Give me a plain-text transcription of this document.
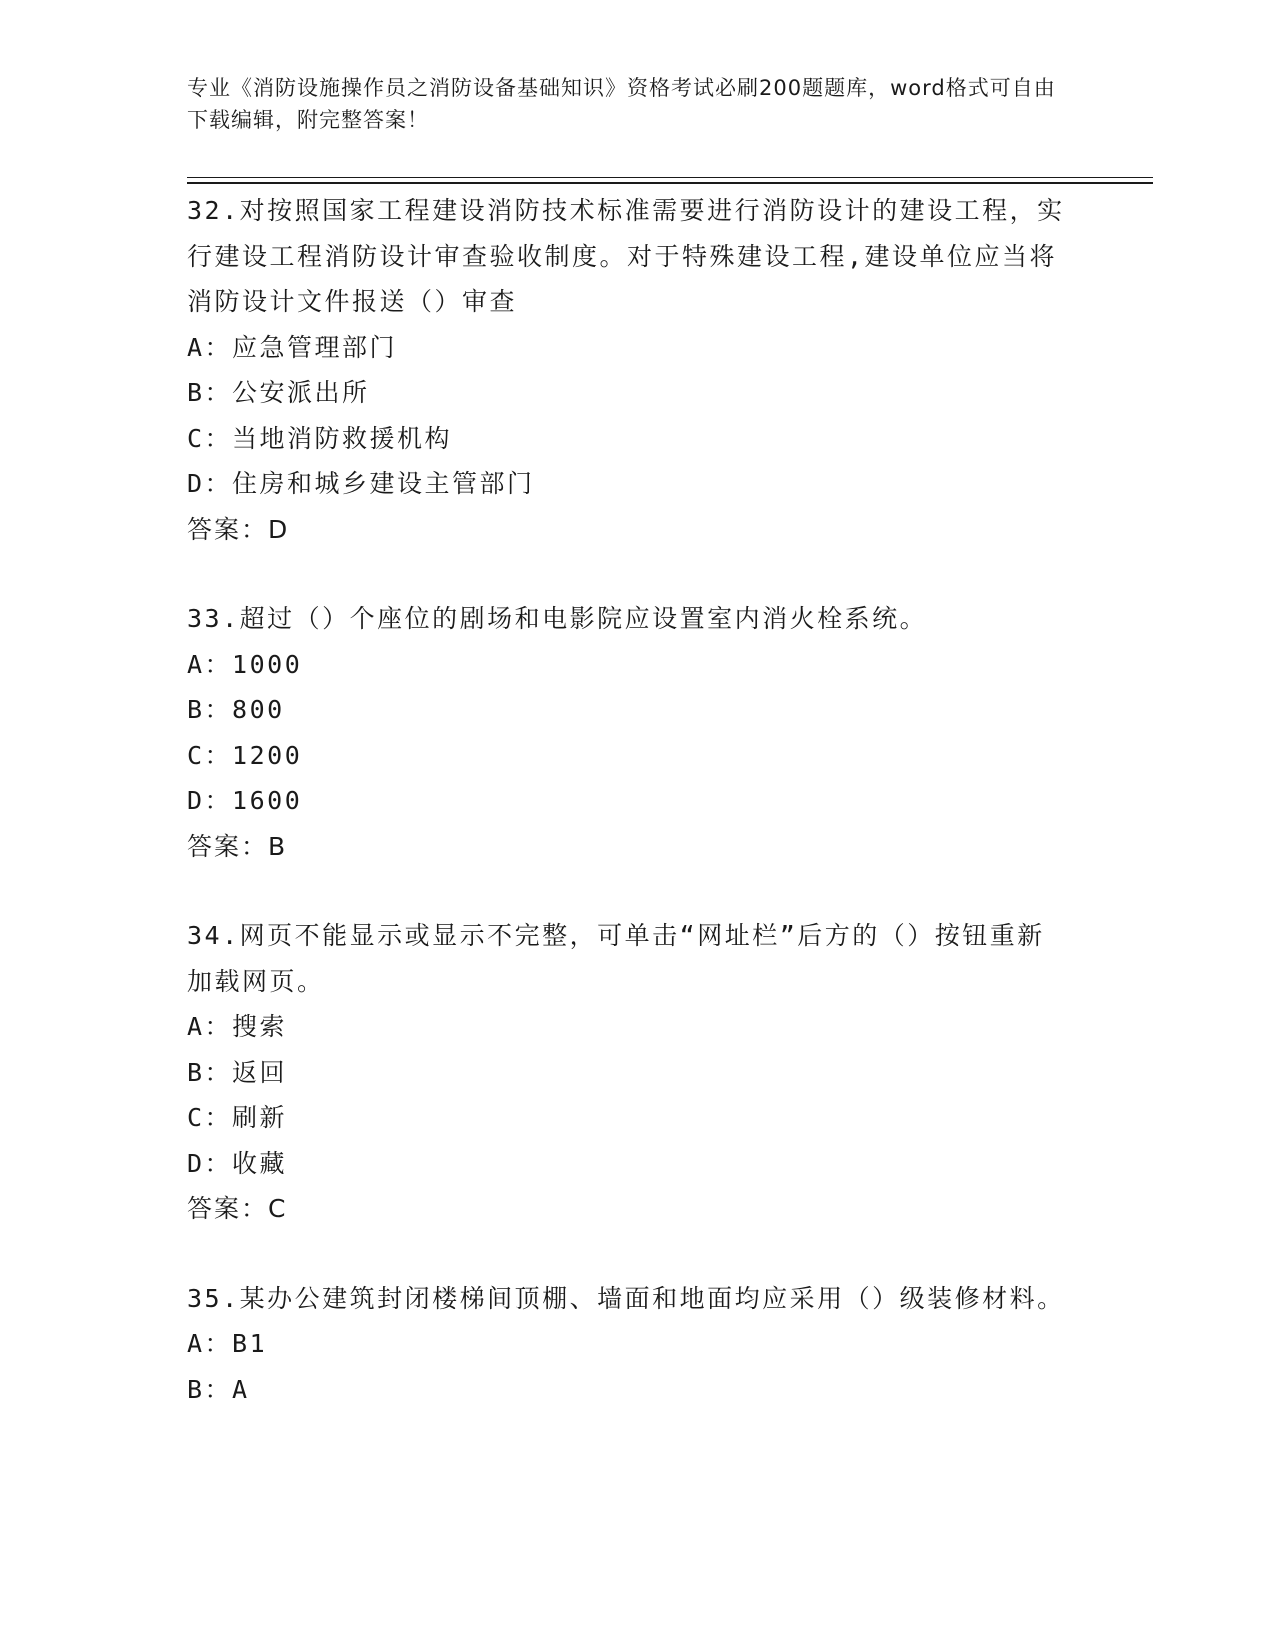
专业《消防设施操作员之消防设备基础知识》资格考试必刷200题题库，word格式可自由下载编辑，附完整答案！

32.对按照国家工程建设消防技术标准需要进行消防设计的建设工程，实行建设工程消防设计审查验收制度。对于特殊建设工程,建设单位应当将消防设计文件报送（）审查

A：应急管理部门
B：公安派出所
C：当地消防救援机构
D：住房和城乡建设主管部门
答案：D

33.超过（）个座位的剧场和电影院应设置室内消火栓系统。

A：1000
B：800
C：1200
D：1600
答案：B

34.网页不能显示或显示不完整，可单击“网址栏”后方的（）按钮重新加载网页。

A：搜索
B：返回
C：刷新
D：收藏
答案：C

35.某办公建筑封闭楼梯间顶棚、墙面和地面均应采用（）级装修材料。

A：B1
B：A
